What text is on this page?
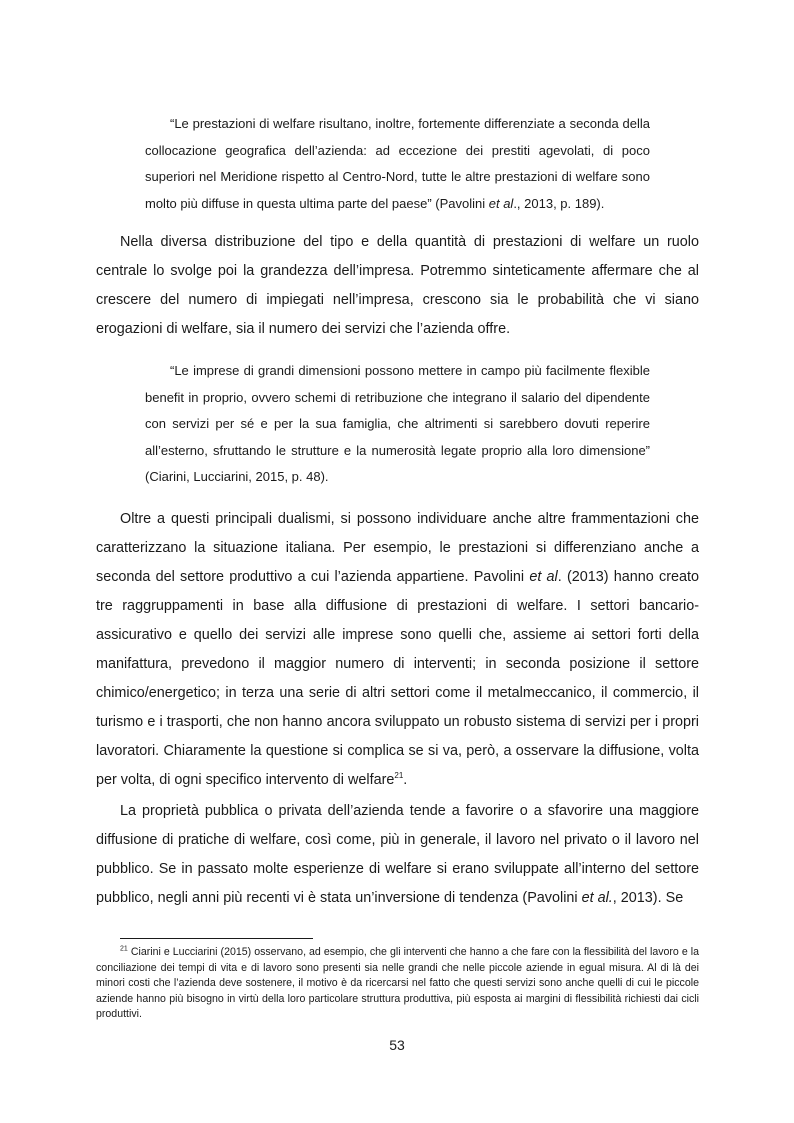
“Le prestazioni di welfare risultano, inoltre, fortemente differenziate a seconda della collocazione geografica dell’azienda: ad eccezione dei prestiti agevolati, di poco superiori nel Meridione rispetto al Centro-Nord, tutte le altre prestazioni di welfare sono molto più diffuse in questa ultima parte del paese” (Pavolini et al., 2013, p. 189).

Nella diversa distribuzione del tipo e della quantità di prestazioni di welfare un ruolo centrale lo svolge poi la grandezza dell’impresa. Potremmo sinteticamente affermare che al crescere del numero di impiegati nell’impresa, crescono sia le probabilità che vi siano erogazioni di welfare, sia il numero dei servizi che l’azienda offre.

“Le imprese di grandi dimensioni possono mettere in campo più facilmente flexible benefit in proprio, ovvero schemi di retribuzione che integrano il salario del dipendente con servizi per sé e per la sua famiglia, che altrimenti si sarebbero dovuti reperire all’esterno, sfruttando le strutture e la numerosità legate proprio alla loro dimensione” (Ciarini, Lucciarini, 2015, p. 48).

Oltre a questi principali dualismi, si possono individuare anche altre frammentazioni che caratterizzano la situazione italiana. Per esempio, le prestazioni si differenziano anche a seconda del settore produttivo a cui l’azienda appartiene. Pavolini et al. (2013) hanno creato tre raggruppamenti in base alla diffusione di prestazioni di welfare. I settori bancario-assicurativo e quello dei servizi alle imprese sono quelli che, assieme ai settori forti della manifattura, prevedono il maggior numero di interventi; in seconda posizione il settore chimico/energetico; in terza una serie di altri settori come il metalmeccanico, il commercio, il turismo e i trasporti, che non hanno ancora sviluppato un robusto sistema di servizi per i propri lavoratori. Chiaramente la questione si complica se si va, però, a osservare la diffusione, volta per volta, di ogni specifico intervento di welfare$^{21}$.

La proprietà pubblica o privata dell’azienda tende a favorire o a sfavorire una maggiore diffusione di pratiche di welfare, così come, più in generale, il lavoro nel privato o il lavoro nel pubblico. Se in passato molte esperienze di welfare si erano sviluppate all’interno del settore pubblico, negli anni più recenti vi è stata un’inversione di tendenza (Pavolini et al., 2013). Se

$^{21}$ Ciarini e Lucciarini (2015) osservano, ad esempio, che gli interventi che hanno a che fare con la flessibilità del lavoro e la conciliazione dei tempi di vita e di lavoro sono presenti sia nelle grandi che nelle piccole aziende in egual misura. Al di là dei minori costi che l’azienda deve sostenere, il motivo è da ricercarsi nel fatto che questi servizi sono anche quelli di cui le piccole aziende hanno più bisogno in virtù della loro particolare struttura produttiva, più esposta ai margini di flessibilità richiesti dai cicli produttivi.

53
